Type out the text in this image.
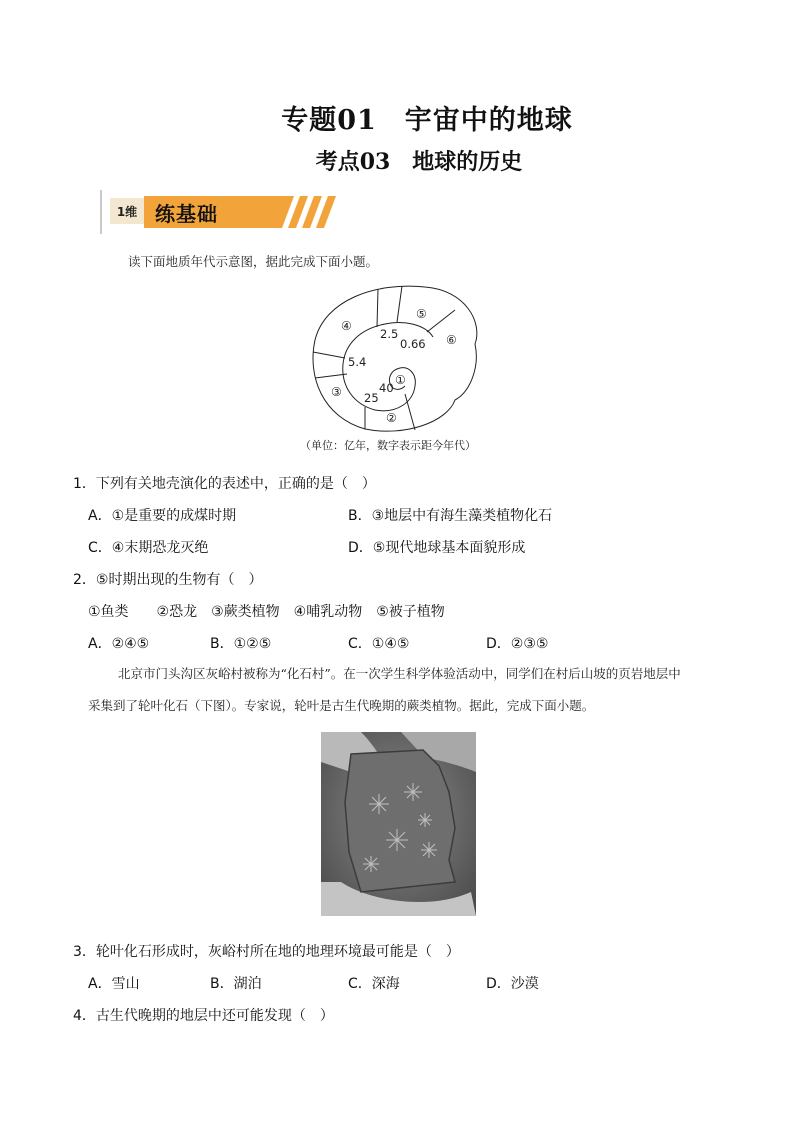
专题01　宇宙中的地球
考点03　地球的历史
1维 练基础
读下面地质年代示意图，据此完成下面小题。
④
⑤
⑥
③
①
②
2.5
0.66
5.4
40
25
（单位：亿年，数字表示距今年代）
1．下列有关地壳演化的表述中，正确的是（　）
A．①是重要的成煤时期	B．③地层中有海生藻类植物化石
C．④末期恐龙灭绝	D．⑤现代地球基本面貌形成
2．⑤时期出现的生物有（　）
①鱼类　　②恐龙　③蕨类植物　④哺乳动物　⑤被子植物
A．②④⑤	B．①②⑤	C．①④⑤	D．②③⑤
北京市门头沟区灰峪村被称为“化石村”。在一次学生科学体验活动中，同学们在村后山坡的页岩地层中
采集到了轮叶化石（下图）。专家说，轮叶是古生代晚期的蕨类植物。据此，完成下面小题。
3．轮叶化石形成时，灰峪村所在地的地理环境最可能是（　）
A．雪山	B．湖泊	C．深海	D．沙漠
4．古生代晚期的地层中还可能发现（　）
